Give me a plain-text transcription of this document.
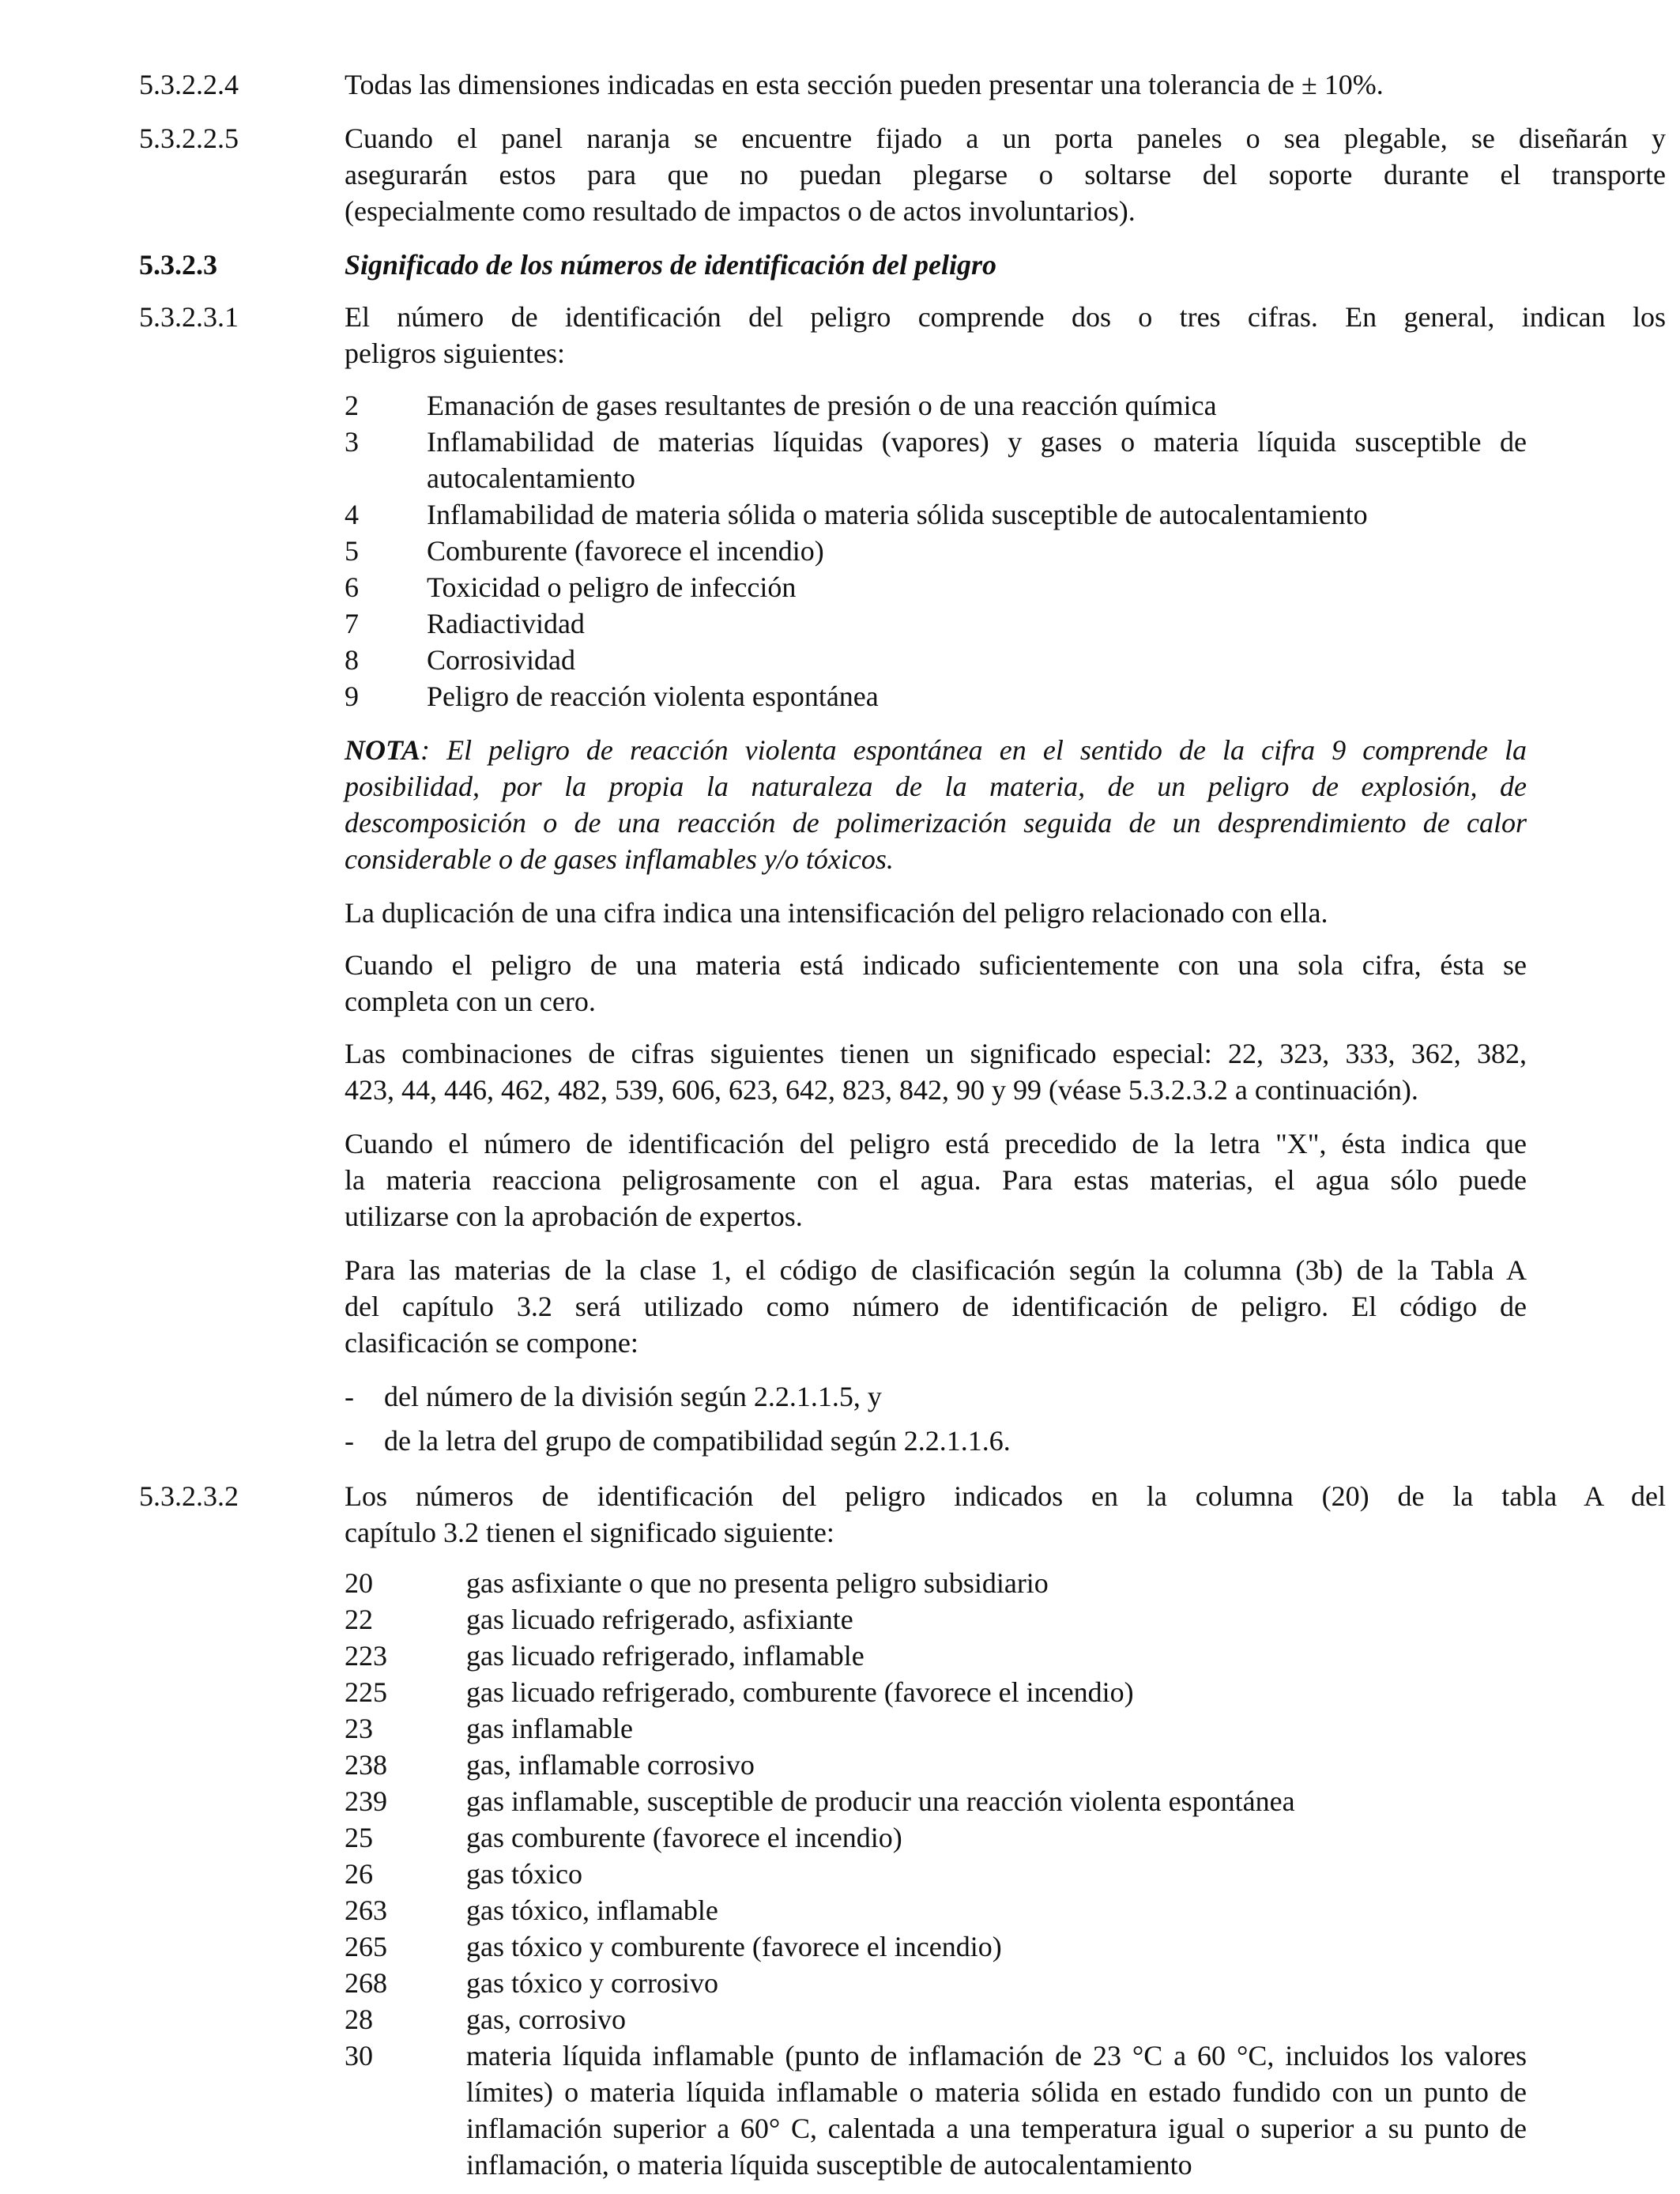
5.3.2.2.4	Todas las dimensiones indicadas en esta sección pueden presentar una tolerancia de ± 10%.
5.3.2.2.5	Cuando el panel naranja se encuentre fijado a un porta paneles o sea plegable, se diseñarán y
asegurarán estos para que no puedan plegarse o soltarse del soporte durante el transporte
(especialmente como resultado de impactos o de actos involuntarios).
5.3.2.3	Significado de los números de identificación del peligro
5.3.2.3.1	El número de identificación del peligro comprende dos o tres cifras. En general, indican los
peligros siguientes:
2 Emanación de gases resultantes de presión o de una reacción química
3 Inflamabilidad de materias líquidas (vapores) y gases o materia líquida susceptible de
autocalentamiento
4 Inflamabilidad de materia sólida o materia sólida susceptible de autocalentamiento
5 Comburente (favorece el incendio)
6 Toxicidad o peligro de infección
7 Radiactividad
8 Corrosividad
9 Peligro de reacción violenta espontánea
NOTA: El peligro de reacción violenta espontánea en el sentido de la cifra 9 comprende la
posibilidad, por la propia la naturaleza de la materia, de un peligro de explosión, de
descomposición o de una reacción de polimerización seguida de un desprendimiento de calor
considerable o de gases inflamables y/o tóxicos.
La duplicación de una cifra indica una intensificación del peligro relacionado con ella.
Cuando el peligro de una materia está indicado suficientemente con una sola cifra, ésta se
completa con un cero.
Las combinaciones de cifras siguientes tienen un significado especial: 22, 323, 333, 362, 382,
423, 44, 446, 462, 482, 539, 606, 623, 642, 823, 842, 90 y 99 (véase 5.3.2.3.2 a continuación).
Cuando el número de identificación del peligro está precedido de la letra "X", ésta indica que
la materia reacciona peligrosamente con el agua. Para estas materias, el agua sólo puede
utilizarse con la aprobación de expertos.
Para las materias de la clase 1, el código de clasificación según la columna (3b) de la Tabla A
del capítulo 3.2 será utilizado como número de identificación de peligro. El código de
clasificación se compone:
- del número de la división según 2.2.1.1.5, y
- de la letra del grupo de compatibilidad según 2.2.1.1.6.
5.3.2.3.2	Los números de identificación del peligro indicados en la columna (20) de la tabla A del
capítulo 3.2 tienen el significado siguiente:
20	gas asfixiante o que no presenta peligro subsidiario
22	gas licuado refrigerado, asfixiante
223	gas licuado refrigerado, inflamable
225	gas licuado refrigerado, comburente (favorece el incendio)
23	gas inflamable
238	gas, inflamable corrosivo
239	gas inflamable, susceptible de producir una reacción violenta espontánea
25	gas comburente (favorece el incendio)
26	gas tóxico
263	gas tóxico, inflamable
265	gas tóxico y comburente (favorece el incendio)
268	gas tóxico y corrosivo
28	gas, corrosivo
30	materia líquida inflamable (punto de inflamación de 23 °C a 60 °C, incluidos los valores
límites) o materia líquida inflamable o materia sólida en estado fundido con un punto de
inflamación superior a 60° C, calentada a una temperatura igual o superior a su punto de
inflamación, o materia líquida susceptible de autocalentamiento
